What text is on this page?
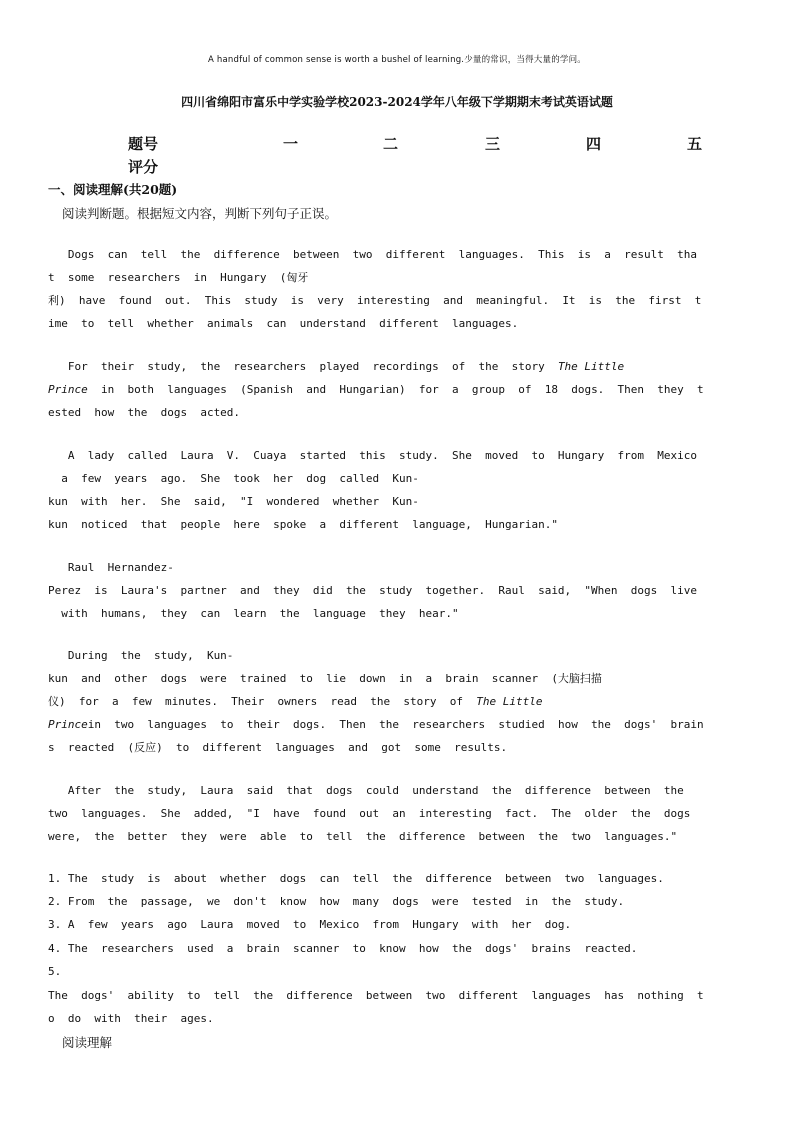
A handful of common sense is worth a bushel of learning.少量的常识，当得大量的学问。
四川省绵阳市富乐中学实验学校2023-2024学年八年级下学期期末考试英语试题
题号	一	二	三	四	五
评分
一、阅读理解(共20题)
阅读判断题。根据短文内容，判断下列句子正误。
Dogs  can  tell  the  difference  between  two  different  languages.  This  is  a  result  tha
t  some  researchers  in  Hungary  (匈牙
利)  have  found  out.  This  study  is  very  interesting  and  meaningful.  It  is  the  first  t
ime  to  tell  whether  animals  can  understand  different  languages.
For  their  study,  the  researchers  played  recordings  of  the  story  The Little
Prince  in  both  languages  (Spanish  and  Hungarian)  for  a  group  of  18  dogs.  Then  they  t
ested  how  the  dogs  acted.
A  lady  called  Laura  V.  Cuaya  started  this  study.  She  moved  to  Hungary  from  Mexico
a  few  years  ago.  She  took  her  dog  called  Kun-
kun  with  her.  She  said,  "I  wondered  whether  Kun-
kun  noticed  that  people  here  spoke  a  different  language,  Hungarian."
Raul  Hernandez-
Perez  is  Laura's  partner  and  they  did  the  study  together.  Raul  said,  "When  dogs  live
with  humans,  they  can  learn  the  language  they  hear."
During  the  study,  Kun-
kun  and  other  dogs  were  trained  to  lie  down  in  a  brain  scanner  (大脑扫描
仪)  for  a  few  minutes.  Their  owners  read  the  story  of  The Little
Princein  two  languages  to  their  dogs.  Then  the  researchers  studied  how  the  dogs'  brain
s  reacted  (反应)  to  different  languages  and  got  some  results.
After  the  study,  Laura  said  that  dogs  could  understand  the  difference  between  the
two  languages.  She  added,  "I  have  found  out  an  interesting  fact.  The  older  the  dogs
were,  the  better  they  were  able  to  tell  the  difference  between  the  two  languages."
1. The  study  is  about  whether  dogs  can  tell  the  difference  between  two  languages.
2. From  the  passage,  we  don't  know  how  many  dogs  were  tested  in  the  study.
3. A  few  years  ago  Laura  moved  to  Mexico  from  Hungary  with  her  dog.
4. The  researchers  used  a  brain  scanner  to  know  how  the  dogs'  brains  reacted.
5.
The  dogs'  ability  to  tell  the  difference  between  two  different  languages  has  nothing  t
o  do  with  their  ages.
阅读理解
